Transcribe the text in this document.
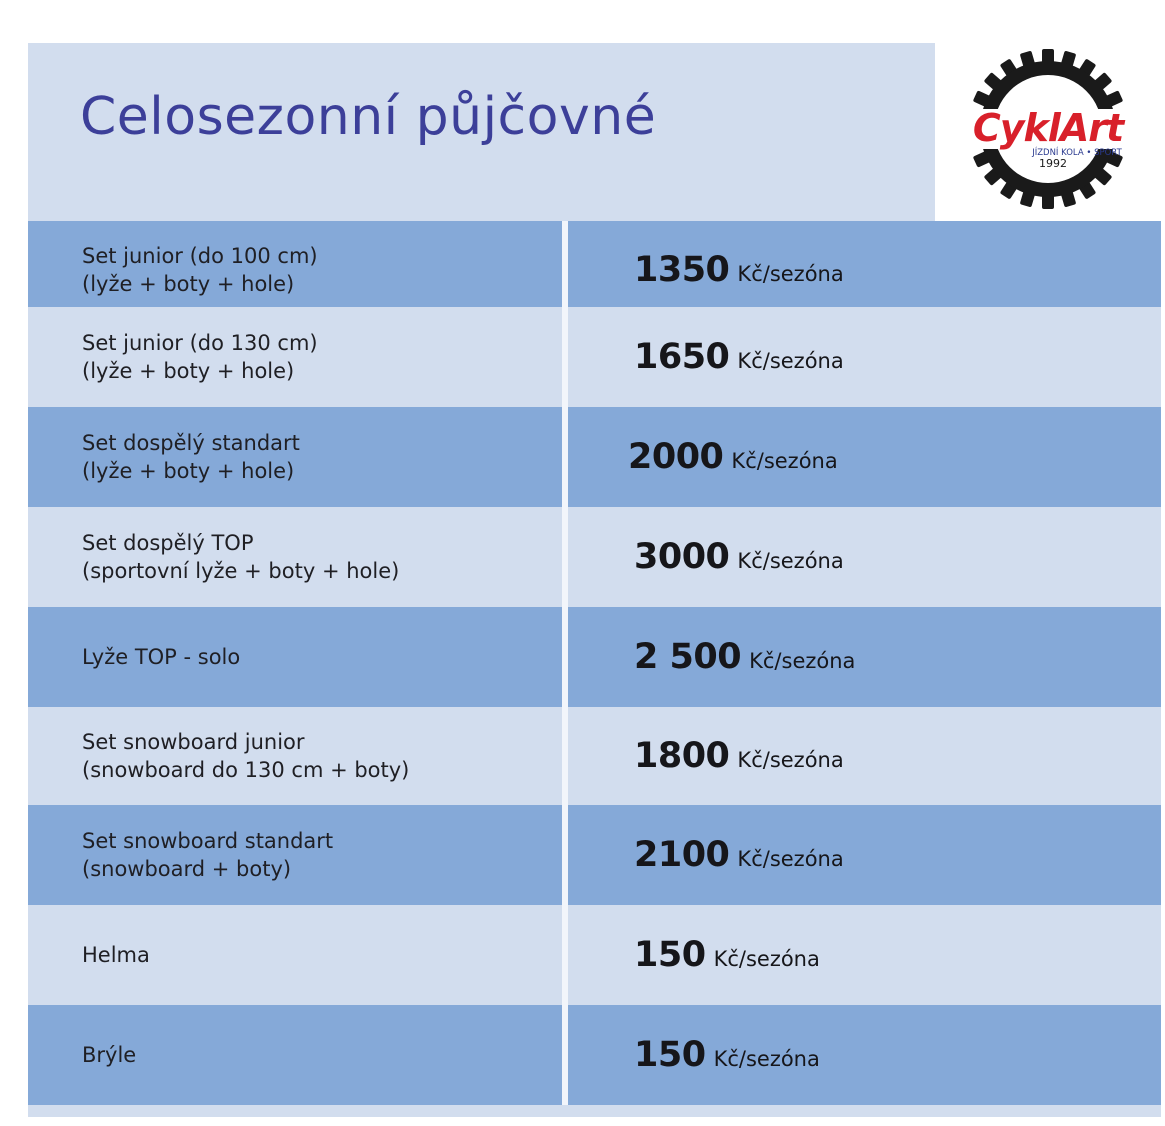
Celosezonní půjčovné	CyklArt
JÍZDNÍ KOLA • SPORT
1992
Set junior (do 100 cm)
(lyže + boty + hole)	1350 Kč/sezóna
Set junior (do 130 cm)
(lyže + boty + hole)	1650 Kč/sezóna
Set dospělý standart
(lyže + boty + hole)	2000 Kč/sezóna
Set dospělý TOP
(sportovní lyže + boty + hole)	3000 Kč/sezóna
Lyže TOP - solo	2 500 Kč/sezóna
Set snowboard junior
(snowboard do 130 cm + boty)	1800 Kč/sezóna
Set snowboard standart
(snowboard + boty)	2100 Kč/sezóna
Helma	150 Kč/sezóna
Brýle	150 Kč/sezóna
